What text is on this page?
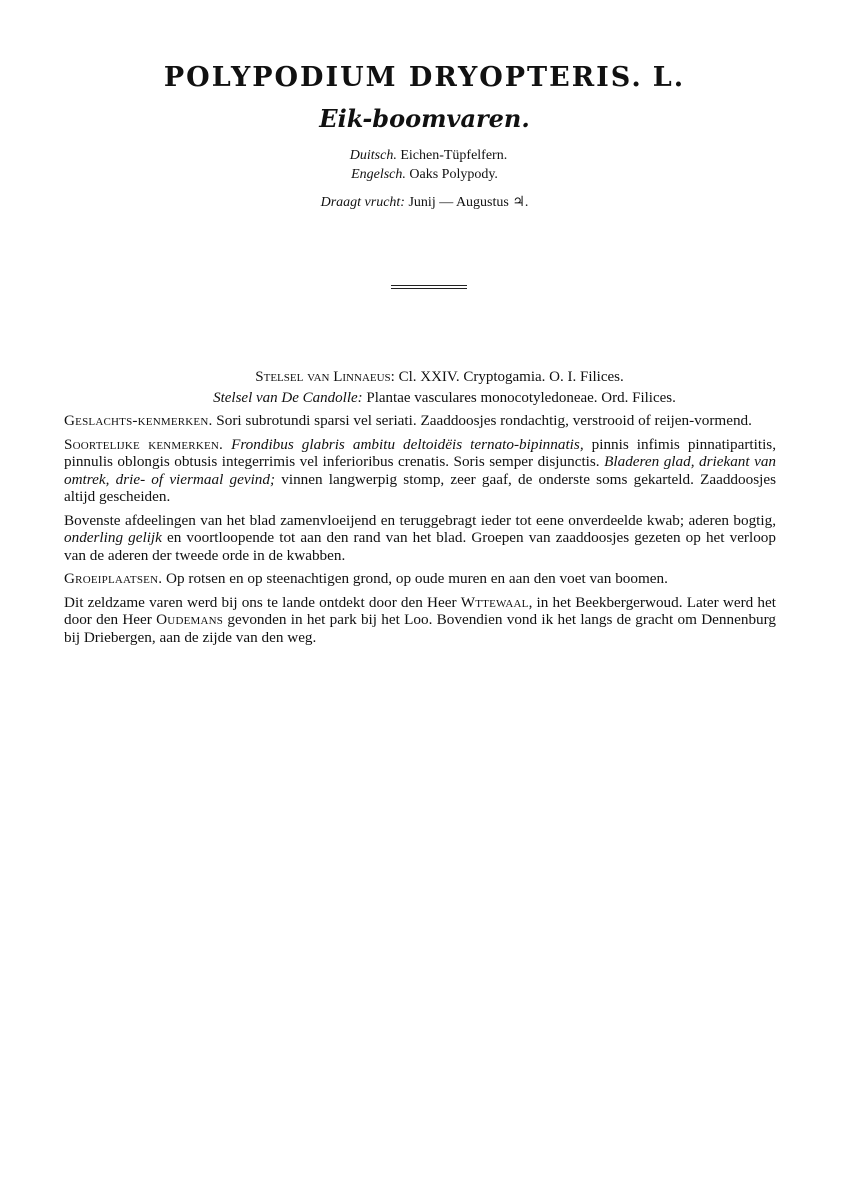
POLYPODIUM DRYOPTERIS. L.
Eik-boomvaren.
Duitsch. Eichen-Tüpfelfern.
Engelsch. Oaks Polypody.
Draagt vrucht: Junij — Augustus ♃.
Stelsel van Linnaeus: Cl. XXIV. Cryptogamia. O. I. Filices.
Stelsel van De Candolle: Plantae vasculares monocotyledoneae. Ord. Filices.

Geslachts-kenmerken. Sori subrotundi sparsi vel seriati. Zaaddoosjes rondachtig, verstrooid of reijen-vormend.

Soortelijke kenmerken. Frondibus glabris ambitu deltoidëis ternato-bipinnatis, pinnis infimis pinnatipartitis, pinnulis oblongis obtusis integerrimis vel inferioribus crenatis. Soris semper disjunctis. Bladeren glad, driekant van omtrek, drie- of viermaal gevind; vinnen langwerpig stomp, zeer gaaf, de onderste soms gekarteld. Zaaddoosjes altijd gescheiden.

Bovenste afdeelingen van het blad zamenvloeijend en teruggebragt ieder tot eene onverdeelde kwab; aderen bogtig, onderling gelijk en voortloopende tot aan den rand van het blad. Groepen van zaaddoosjes gezeten op het verloop van de aderen der tweede orde in de kwabben.

Groeiplaatsen. Op rotsen en op steenachtigen grond, op oude muren en aan den voet van boomen.

Dit zeldzame varen werd bij ons te lande ontdekt door den Heer Wttewaal, in het Beekbergerwoud. Later werd het door den Heer Oudemans gevonden in het park bij het Loo. Bovendien vond ik het langs de gracht om Dennenburg bij Driebergen, aan de zijde van den weg.
